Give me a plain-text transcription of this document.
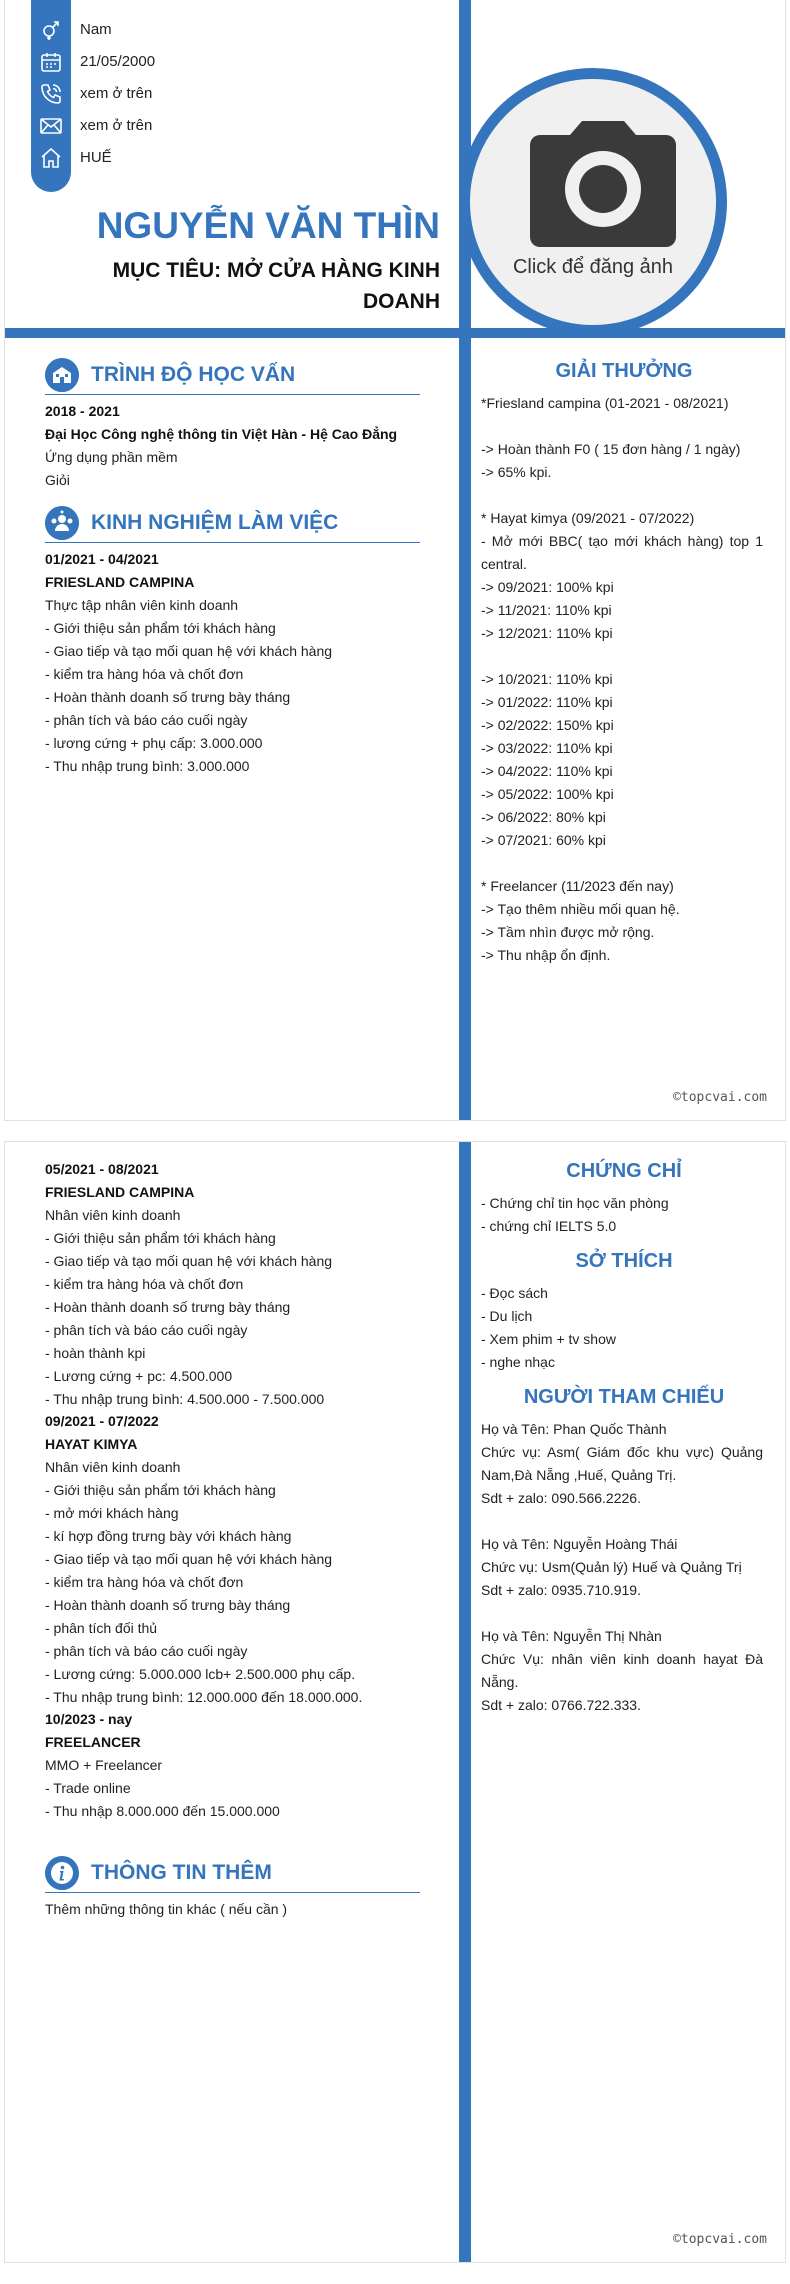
Nam
21/05/2000
xem ở trên
xem ở trên
HUẾ
Click để đăng ảnh
NGUYỄN VĂN THÌN
MỤC TIÊU: MỞ CỬA HÀNG KINH DOANH
TRÌNH ĐỘ HỌC VẤN
2018 - 2021
Đại Học Công nghệ thông tin Việt Hàn - Hệ Cao Đẳng
Ứng dụng phần mềm
Giỏi
KINH NGHIỆM LÀM VIỆC
01/2021 - 04/2021
FRIESLAND CAMPINA
Thực tập nhân viên kinh doanh
- Giới thiệu sản phẩm tới khách hàng
- Giao tiếp và tạo mối quan hệ với khách hàng
- kiểm tra hàng hóa và chốt đơn
- Hoàn thành doanh số trưng bày tháng
- phân tích và báo cáo cuối ngày
- lương cứng + phụ cấp: 3.000.000
- Thu nhập trung bình: 3.000.000
GIẢI THƯỞNG
*Friesland campina (01-2021 - 08/2021)
-> Hoàn thành F0 ( 15 đơn hàng / 1 ngày)
-> 65% kpi.
* Hayat kimya (09/2021 - 07/2022)
- Mở mới BBC( tạo mới khách hàng) top 1 central.
-> 09/2021: 100% kpi
-> 11/2021: 110% kpi
-> 12/2021: 110% kpi
-> 10/2021: 110% kpi
-> 01/2022: 110% kpi
-> 02/2022: 150% kpi
-> 03/2022: 110% kpi
-> 04/2022: 110% kpi
-> 05/2022: 100% kpi
-> 06/2022: 80% kpi
-> 07/2021: 60% kpi
* Freelancer (11/2023 đến nay)
-> Tạo thêm nhiều mối quan hệ.
-> Tầm nhìn được mở rộng.
-> Thu nhập ổn định.
©topcvai.com
05/2021 - 08/2021
FRIESLAND CAMPINA
Nhân viên kinh doanh
- Giới thiệu sản phẩm tới khách hàng
- Giao tiếp và tạo mối quan hệ với khách hàng
- kiểm tra hàng hóa và chốt đơn
- Hoàn thành doanh số trưng bày tháng
- phân tích và báo cáo cuối ngày
- hoàn thành kpi
- Lương cứng + pc: 4.500.000
- Thu nhập trung bình: 4.500.000 - 7.500.000
09/2021 - 07/2022
HAYAT KIMYA
Nhân viên kinh doanh
- Giới thiệu sản phẩm tới khách hàng
- mở mới khách hàng
- kí hợp đồng trưng bày với khách hàng
- Giao tiếp và tạo mối quan hệ với khách hàng
- kiểm tra hàng hóa và chốt đơn
- Hoàn thành doanh số trưng bày tháng
- phân tích đối thủ
- phân tích và báo cáo cuối ngày
- Lương cứng: 5.000.000 lcb+ 2.500.000 phụ cấp.
- Thu nhập trung bình: 12.000.000 đến 18.000.000.
10/2023 - nay
FREELANCER
MMO + Freelancer
- Trade online
- Thu nhập 8.000.000 đến 15.000.000
THÔNG TIN THÊM
Thêm những thông tin khác ( nếu cần )
CHỨNG CHỈ
- Chứng chỉ tin học văn phòng
- chứng chỉ IELTS 5.0
SỞ THÍCH
- Đọc sách
- Du lịch
- Xem phim + tv show
- nghe nhạc
NGƯỜI THAM CHIẾU
Họ và Tên: Phan Quốc Thành
Chức vụ: Asm( Giám đốc khu vực) Quảng Nam,Đà Nẵng ,Huế, Quảng Trị.
Sdt + zalo: 090.566.2226.
Họ và Tên: Nguyễn Hoàng Thái
Chức vụ: Usm(Quản lý) Huế và Quảng Trị
Sdt + zalo: 0935.710.919.
Họ và Tên: Nguyễn Thị Nhàn
Chức Vụ: nhân viên kinh doanh hayat Đà Nẵng.
Sdt + zalo: 0766.722.333.
©topcvai.com
